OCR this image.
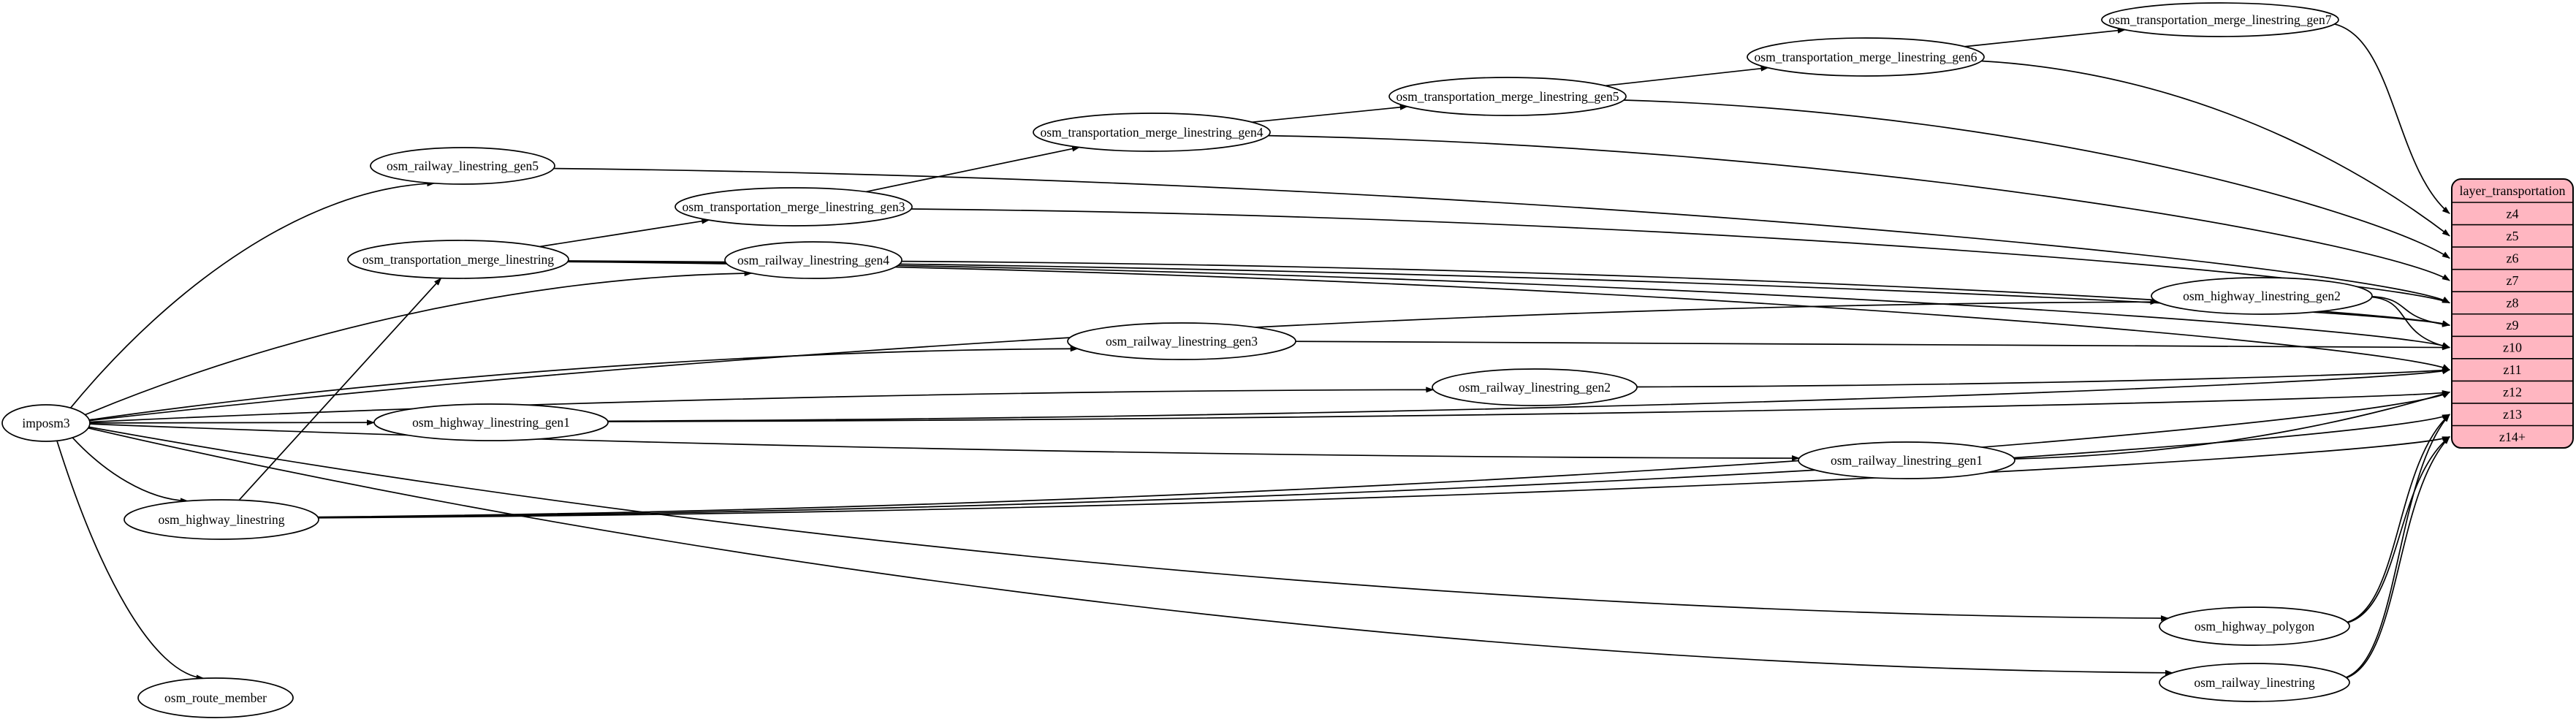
imposm3
osm_railway_linestring_gen5
osm_transportation_merge_linestring_gen3
osm_transportation_merge_linestring	osm_railway_linestring_gen4
osm_transportation_merge_linestring_gen4
osm_transportation_merge_linestring_gen5
osm_transportation_merge_linestring_gen6
osm_transportation_merge_linestring_gen7
osm_highway_linestring_gen2
osm_railway_linestring_gen3
osm_railway_linestring_gen2
osm_highway_linestring_gen1
osm_railway_linestring_gen1
osm_highway_linestring
osm_highway_polygon
osm_railway_linestring
osm_route_member
layer_transportation
z4
z5
z6
z7
z8
z9
z10
z11
z12
z13
z14+
